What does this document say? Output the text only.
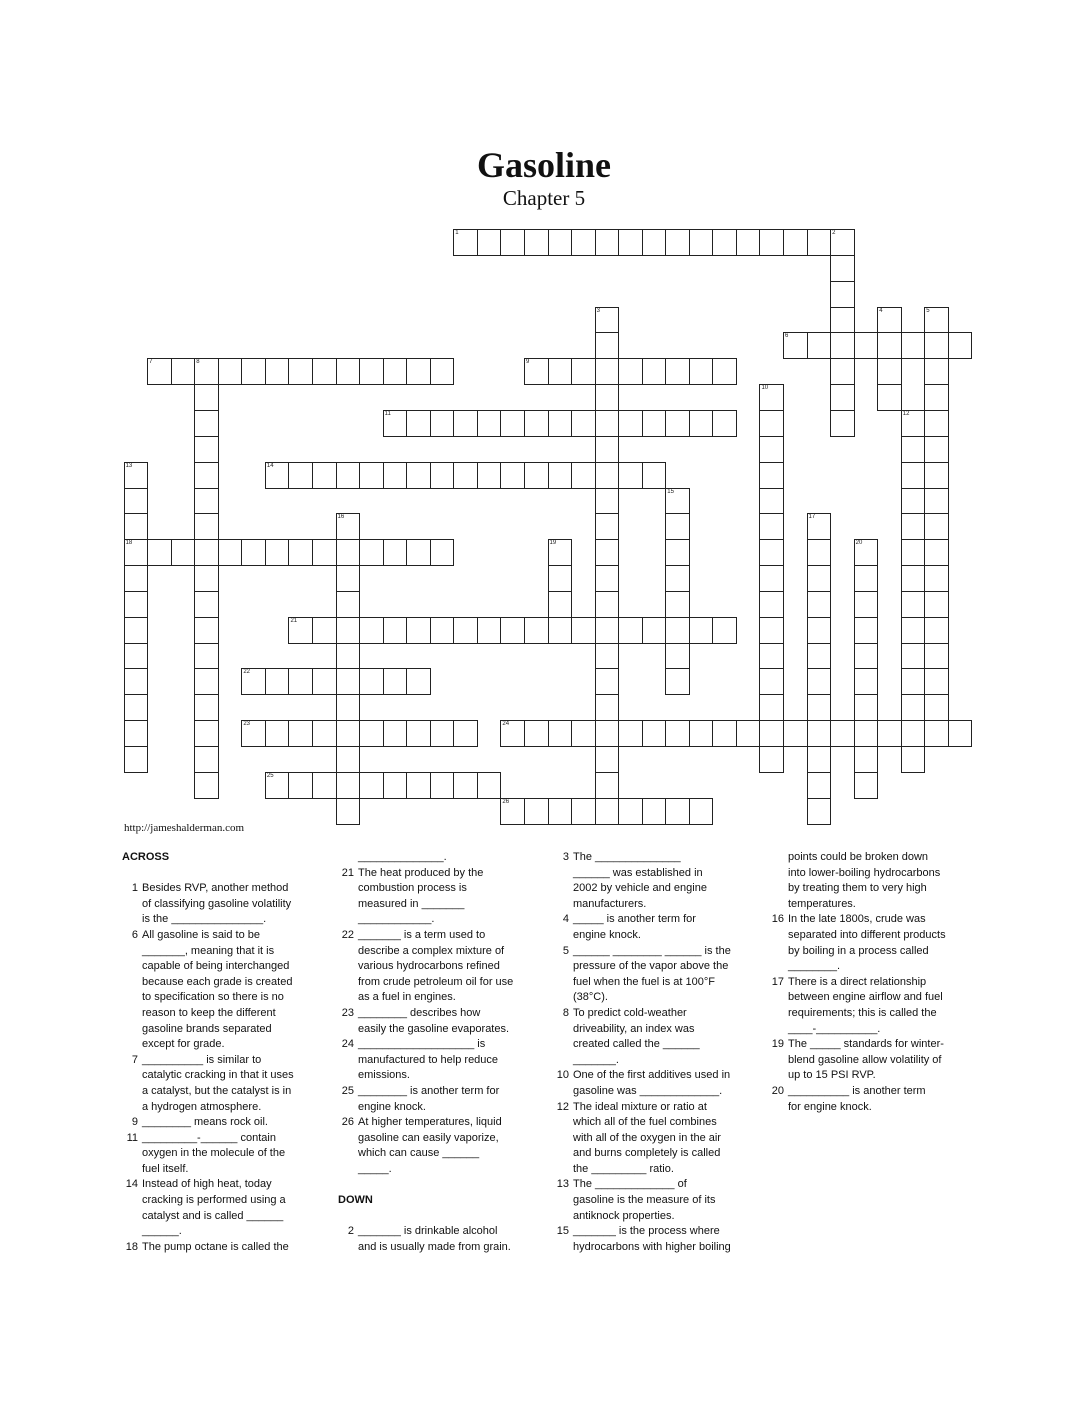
Gasoline
Chapter 5
1	2
3	4	5
6
7	8	9
10
11	12
13
18
14
15
16	17
19	20
21
22
23	24
25
26
http://jameshalderman.com
ACROSS
1 Besides RVP, another method
of classifying gasoline volatility
is the _______________.
6 All gasoline is said to be
_______, meaning that it is
capable of being interchanged
because each grade is created
to specification so there is no
reason to keep the different
gasoline brands separated
except for grade.
7 __________ is similar to
catalytic cracking in that it uses
a catalyst, but the catalyst is in
a hydrogen atmosphere.
9 ________ means rock oil.
11 _________-______ contain
oxygen in the molecule of the
fuel itself.
14 Instead of high heat, today
cracking is performed using a
catalyst and is called ______
______.
18 The pump octane is called the
______________.
21 The heat produced by the
combustion process is
measured in _______
____________.
22 _______ is a term used to
describe a complex mixture of
various hydrocarbons refined
from crude petroleum oil for use
as a fuel in engines.
23 ________ describes how
easily the gasoline evaporates.
24 ___________________ is
manufactured to help reduce
emissions.
25 ________ is another term for
engine knock.
26 At higher temperatures, liquid
gasoline can easily vaporize,
which can cause ______
_____.
DOWN
2 _______ is drinkable alcohol
and is usually made from grain.
3 The ______________
______ was established in
2002 by vehicle and engine
manufacturers.
4 _____ is another term for
engine knock.
5 ______ ________ ______ is the
pressure of the vapor above the
fuel when the fuel is at 100°F
(38°C).
8 To predict cold-weather
driveability, an index was
created called the ______
_______.
10 One of the first additives used in
gasoline was _____________.
12 The ideal mixture or ratio at
which all of the fuel combines
with all of the oxygen in the air
and burns completely is called
the _________ ratio.
13 The _____________ of
gasoline is the measure of its
antiknock properties.
15 _______ is the process where
hydrocarbons with higher boiling
points could be broken down
into lower-boiling hydrocarbons
by treating them to very high
temperatures.
16 In the late 1800s, crude was
separated into different products
by boiling in a process called
________.
17 There is a direct relationship
between engine airflow and fuel
requirements; this is called the
____-__________.
19 The _____ standards for winter-
blend gasoline allow volatility of
up to 15 PSI RVP.
20 __________ is another term
for engine knock.
